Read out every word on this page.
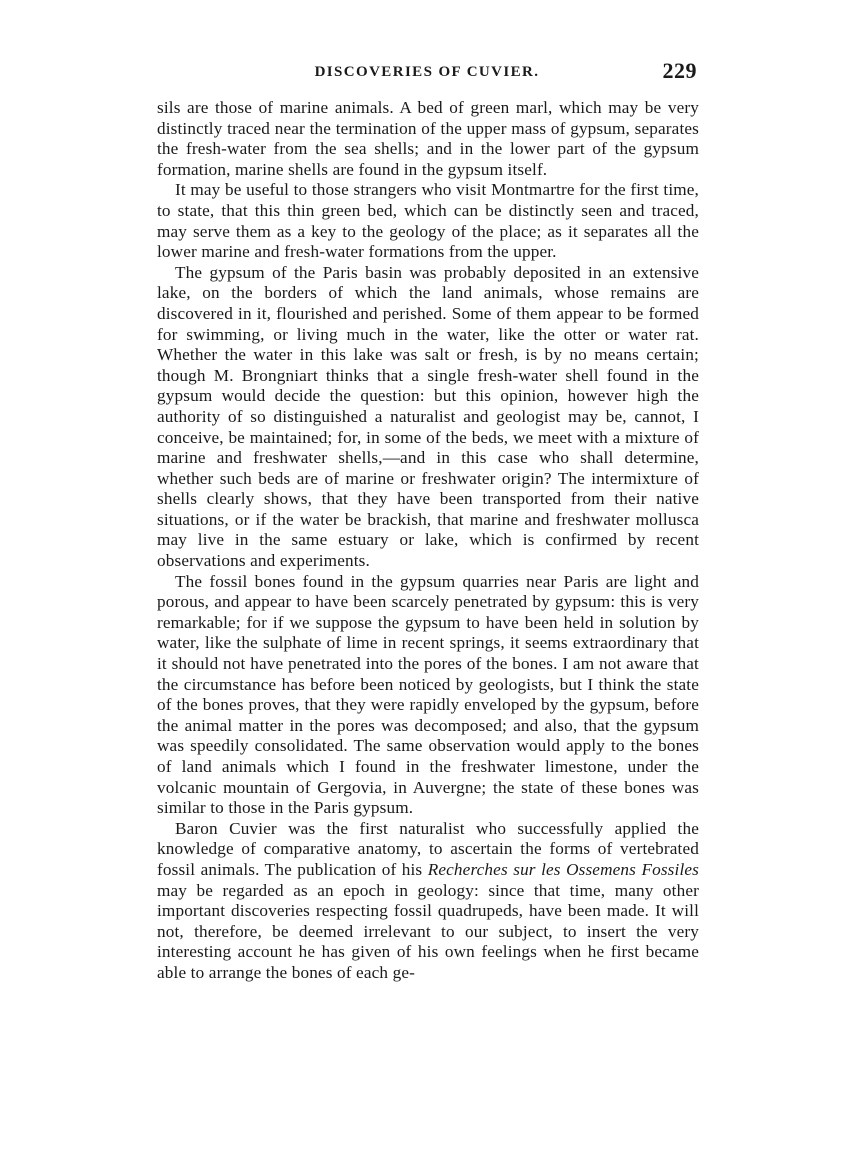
DISCOVERIES OF CUVIER.	229

sils are those of marine animals. A bed of green marl, which may be very distinctly traced near the termination of the upper mass of gypsum, separates the fresh-water from the sea shells; and in the lower part of the gypsum formation, marine shells are found in the gypsum itself.

It may be useful to those strangers who visit Montmartre for the first time, to state, that this thin green bed, which can be distinctly seen and traced, may serve them as a key to the geology of the place; as it separates all the lower marine and fresh-water formations from the upper.

The gypsum of the Paris basin was probably deposited in an extensive lake, on the borders of which the land animals, whose remains are discovered in it, flourished and perished. Some of them appear to be formed for swimming, or living much in the water, like the otter or water rat. Whether the water in this lake was salt or fresh, is by no means certain; though M. Brongniart thinks that a single fresh-water shell found in the gypsum would decide the question: but this opinion, however high the authority of so distinguished a naturalist and geologist may be, cannot, I conceive, be maintained; for, in some of the beds, we meet with a mixture of marine and freshwater shells,—and in this case who shall determine, whether such beds are of marine or freshwater origin? The intermixture of shells clearly shows, that they have been transported from their native situations, or if the water be brackish, that marine and freshwater mollusca may live in the same estuary or lake, which is confirmed by recent observations and experiments.

The fossil bones found in the gypsum quarries near Paris are light and porous, and appear to have been scarcely penetrated by gypsum: this is very remarkable; for if we suppose the gypsum to have been held in solution by water, like the sulphate of lime in recent springs, it seems extraordinary that it should not have penetrated into the pores of the bones. I am not aware that the circumstance has before been noticed by geologists, but I think the state of the bones proves, that they were rapidly enveloped by the gypsum, before the animal matter in the pores was decomposed; and also, that the gypsum was speedily consolidated. The same observation would apply to the bones of land animals which I found in the freshwater limestone, under the volcanic mountain of Gergovia, in Auvergne; the state of these bones was similar to those in the Paris gypsum.

Baron Cuvier was the first naturalist who successfully applied the knowledge of comparative anatomy, to ascertain the forms of vertebrated fossil animals. The publication of his Recherches sur les Ossemens Fossiles may be regarded as an epoch in geology: since that time, many other important discoveries respecting fossil quadrupeds, have been made. It will not, therefore, be deemed irrelevant to our subject, to insert the very interesting account he has given of his own feelings when he first became able to arrange the bones of each ge-
